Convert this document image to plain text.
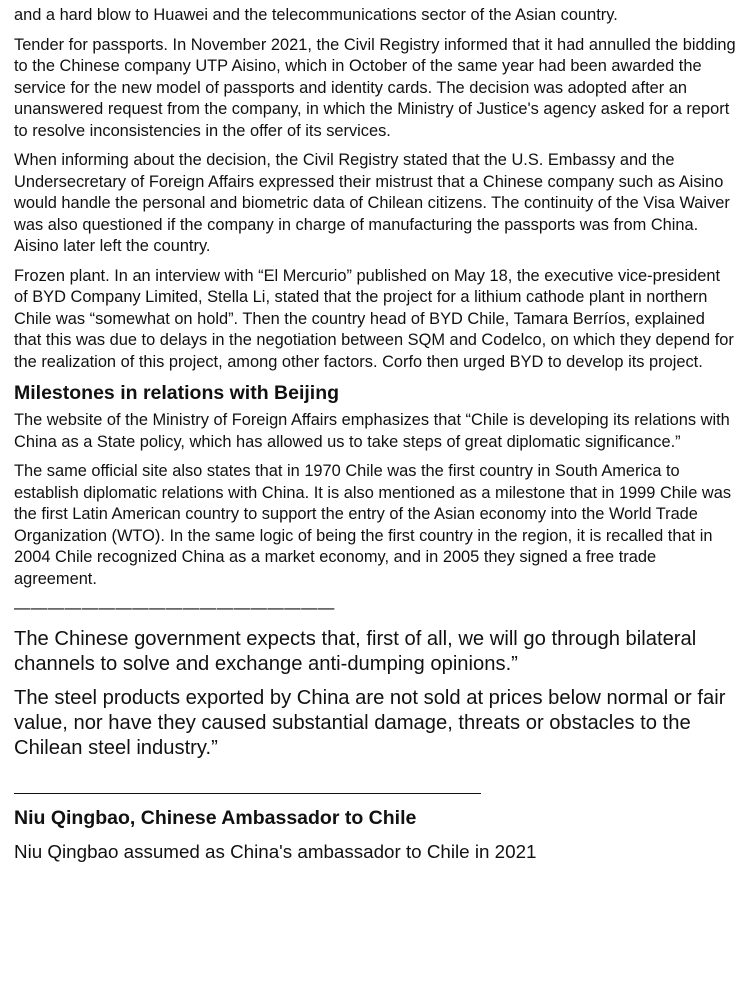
and a hard blow to Huawei and the telecommunications sector of the Asian country.

Tender for passports. In November 2021, the Civil Registry informed that it had annulled the bidding to the Chinese company UTP Aisino, which in October of the same year had been awarded the service for the new model of passports and identity cards. The decision was adopted after an unanswered request from the company, in which the Ministry of Justice's agency asked for a report to resolve inconsistencies in the offer of its services.

When informing about the decision, the Civil Registry stated that the U.S. Embassy and the Undersecretary of Foreign Affairs expressed their mistrust that a Chinese company such as Aisino would handle the personal and biometric data of Chilean citizens. The continuity of the Visa Waiver was also questioned if the company in charge of manufacturing the passports was from China. Aisino later left the country.

Frozen plant. In an interview with “El Mercurio” published on May 18, the executive vice-president of BYD Company Limited, Stella Li, stated that the project for a lithium cathode plant in northern Chile was “somewhat on hold”. Then the country head of BYD Chile, Tamara Berríos, explained that this was due to delays in the negotiation between SQM and Codelco, on which they depend for the realization of this project, among other factors. Corfo then urged BYD to develop its project.

Milestones in relations with Beijing

The website of the Ministry of Foreign Affairs emphasizes that “Chile is developing its relations with China as a State policy, which has allowed us to take steps of great diplomatic significance.”

The same official site also states that in 1970 Chile was the first country in South America to establish diplomatic relations with China. It is also mentioned as a milestone that in 1999 Chile was the first Latin American country to support the entry of the Asian economy into the World Trade Organization (WTO). In the same logic of being the first country in the region, it is recalled that in 2004 Chile recognized China as a market economy, and in 2005 they signed a free trade agreement.

———————————————————

The Chinese government expects that, first of all, we will go through bilateral channels to solve and exchange anti-dumping opinions.”

The steel products exported by China are not sold at prices below normal or fair value, nor have they caused substantial damage, threats or obstacles to the Chilean steel industry.”

Niu Qingbao, Chinese Ambassador to Chile
Niu Qingbao assumed as China's ambassador to Chile in 2021
